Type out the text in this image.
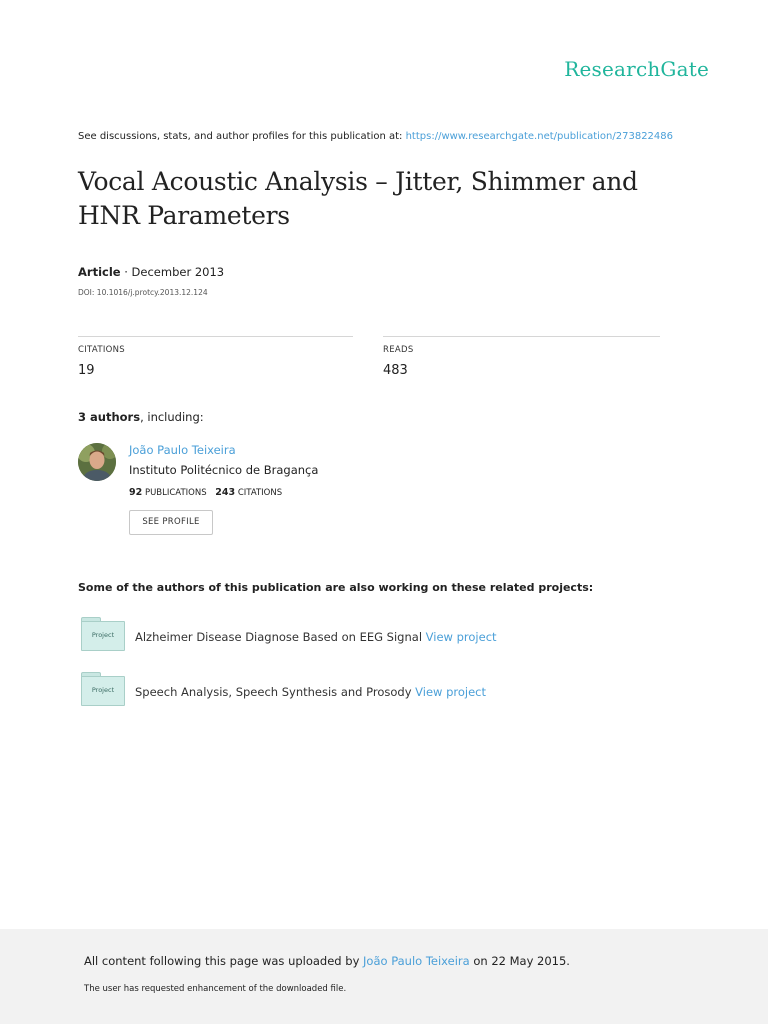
ResearchGate
See discussions, stats, and author profiles for this publication at: https://www.researchgate.net/publication/273822486
Vocal Acoustic Analysis – Jitter, Shimmer and HNR Parameters
Article · December 2013
DOI: 10.1016/j.protcy.2013.12.124
CITATIONS
19
READS
483
3 authors, including:
João Paulo Teixeira
Instituto Politécnico de Bragança
92 PUBLICATIONS 243 CITATIONS
SEE PROFILE
Some of the authors of this publication are also working on these related projects:
Project	Alzheimer Disease Diagnose Based on EEG Signal View project
Project	Speech Analysis, Speech Synthesis and Prosody View project
All content following this page was uploaded by João Paulo Teixeira on 22 May 2015.
The user has requested enhancement of the downloaded file.
